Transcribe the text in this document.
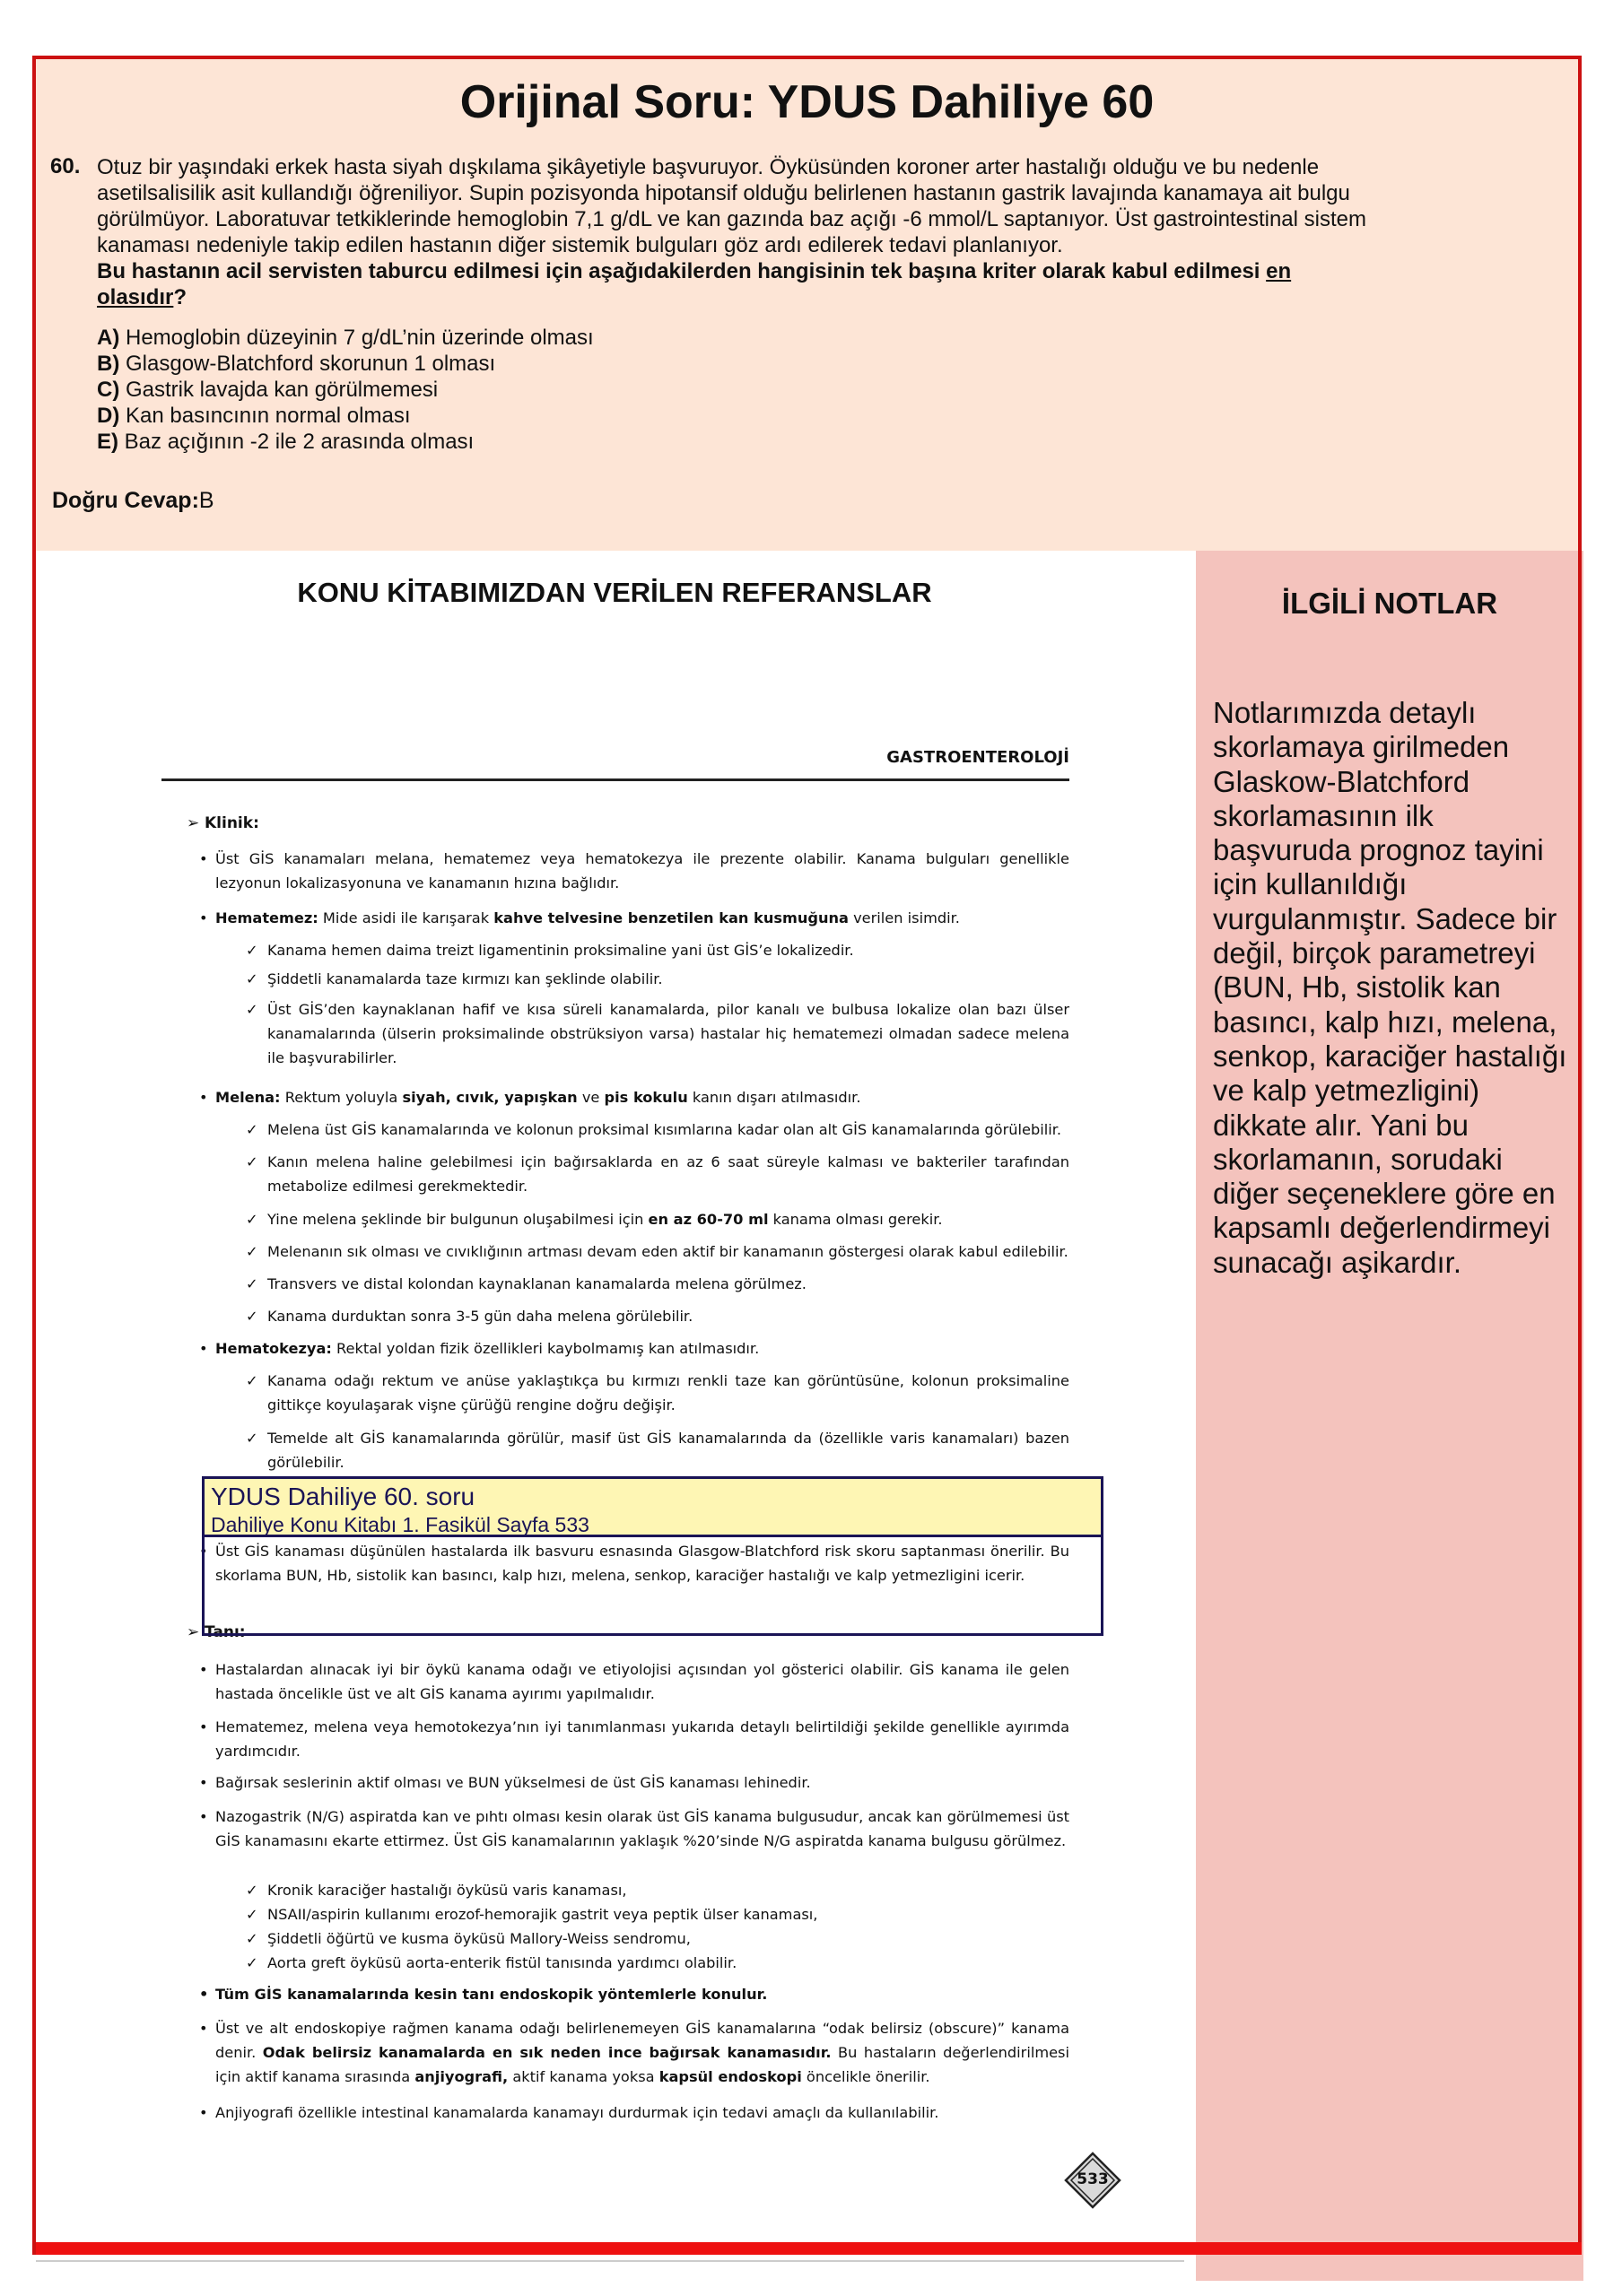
Orijinal Soru: YDUS Dahiliye 60
60. Otuz bir yaşındaki erkek hasta siyah dışkılama şikâyetiyle başvuruyor. Öyküsünden koroner arter hastalığı olduğu ve bu nedenle
asetilsalisilik asit kullandığı öğreniliyor. Supin pozisyonda hipotansif olduğu belirlenen hastanın gastrik lavajında kanamaya ait bulgu
görülmüyor. Laboratuvar tetkiklerinde hemoglobin 7,1 g/dL ve kan gazında baz açığı -6 mmol/L saptanıyor. Üst gastrointestinal sistem
kanaması nedeniyle takip edilen hastanın diğer sistemik bulguları göz ardı edilerek tedavi planlanıyor.
Bu hastanın acil servisten taburcu edilmesi için aşağıdakilerden hangisinin tek başına kriter olarak kabul edilmesi en
olasıdır?
A) Hemoglobin düzeyinin 7 g/dL’nin üzerinde olması
B) Glasgow-Blatchford skorunun 1 olması
C) Gastrik lavajda kan görülmemesi
D) Kan basıncının normal olması
E) Baz açığının -2 ile 2 arasında olması
Doğru Cevap:B
KONU KİTABIMIZDAN VERİLEN REFERANSLAR	İLGİLİ NOTLAR
Notlarımızda detaylı skorlamaya girilmeden Glaskow-Blatchford skorlamasının ilk başvuruda prognoz tayini için kullanıldığı vurgulanmıştır. Sadece bir değil, birçok parametreyi (BUN, Hb, sistolik kan basıncı, kalp hızı, melena, senkop, karaciğer hastalığı ve kalp yetmezligini) dikkate alır. Yani bu skorlamanın, sorudaki diğer seçeneklere göre en kapsamlı değerlendirmeyi sunacağı aşikardır.
GASTROENTEROLOJİ
➢ Klinik:
• Üst GİS kanamaları melana, hematemez veya hematokezya ile prezente olabilir. Kanama bulguları genellikle lezyonun lokalizasyonuna ve kanamanın hızına bağlıdır.
• Hematemez: Mide asidi ile karışarak kahve telvesine benzetilen kan kusmuğuna verilen isimdir.
✓ Kanama hemen daima treizt ligamentinin proksimaline yani üst GİS’e lokalizedir.
✓ Şiddetli kanamalarda taze kırmızı kan şeklinde olabilir.
✓ Üst GİS’den kaynaklanan hafif ve kısa süreli kanamalarda, pilor kanalı ve bulbusa lokalize olan bazı ülser kanamalarında (ülserin proksimalinde obstrüksiyon varsa) hastalar hiç hematemezi olmadan sadece melena ile başvurabilirler.
• Melena: Rektum yoluyla siyah, cıvık, yapışkan ve pis kokulu kanın dışarı atılmasıdır.
✓ Melena üst GİS kanamalarında ve kolonun proksimal kısımlarına kadar olan alt GİS kanamalarında görülebilir.
✓ Kanın melena haline gelebilmesi için bağırsaklarda en az 6 saat süreyle kalması ve bakteriler tarafından metabolize edilmesi gerekmektedir.
✓ Yine melena şeklinde bir bulgunun oluşabilmesi için en az 60-70 ml kanama olması gerekir.
✓ Melenanın sık olması ve cıvıklığının artması devam eden aktif bir kanamanın göstergesi olarak kabul edilebilir.
✓ Transvers ve distal kolondan kaynaklanan kanamalarda melena görülmez.
✓ Kanama durduktan sonra 3-5 gün daha melena görülebilir.
• Hematokezya: Rektal yoldan fizik özellikleri kaybolmamış kan atılmasıdır.
✓ Kanama odağı rektum ve anüse yaklaştıkça bu kırmızı renkli taze kan görüntüsüne, kolonun proksimaline gittikçe koyulaşarak vişne çürüğü rengine doğru değişir.
✓ Temelde alt GİS kanamalarında görülür, masif üst GİS kanamalarında da (özellikle varis kanamaları) bazen görülebilir.
• Üst GİS kanaması düşünülen hastalarda ilk basvuru esnasında Glasgow-Blatchford risk skoru saptanması önerilir. Bu skorlama BUN, Hb, sistolik kan basıncı, kalp hızı, melena, senkop, karaciğer hastalığı ve kalp yetmezligini icerir.
➢ Tanı:
• Hastalardan alınacak iyi bir öykü kanama odağı ve etiyolojisi açısından yol gösterici olabilir. GİS kanama ile gelen hastada öncelikle üst ve alt GİS kanama ayırımı yapılmalıdır.
• Hematemez, melena veya hemotokezya’nın iyi tanımlanması yukarıda detaylı belirtildiği şekilde genellikle ayırımda yardımcıdır.
• Bağırsak seslerinin aktif olması ve BUN yükselmesi de üst GİS kanaması lehinedir.
• Nazogastrik (N/G) aspiratda kan ve pıhtı olması kesin olarak üst GİS kanama bulgusudur, ancak kan görülmemesi üst GİS kanamasını ekarte ettirmez. Üst GİS kanamalarının yaklaşık %20’sinde N/G aspiratda kanama bulgusu görülmez.
✓ Kronik karaciğer hastalığı öyküsü varis kanaması,
✓ NSAII/aspirin kullanımı erozof-hemorajik gastrit veya peptik ülser kanaması,
✓ Şiddetli öğürtü ve kusma öyküsü Mallory-Weiss sendromu,
✓ Aorta greft öyküsü aorta-enterik fistül tanısında yardımcı olabilir.
• Tüm GİS kanamalarında kesin tanı endoskopik yöntemlerle konulur.
• Üst ve alt endoskopiye rağmen kanama odağı belirlenemeyen GİS kanamalarına “odak belirsiz (obscure)” kanama denir. Odak belirsiz kanamalarda en sık neden ince bağırsak kanamasıdır. Bu hastaların değerlendirilmesi için aktif kanama sırasında anjiyografi, aktif kanama yoksa kapsül endoskopi öncelikle önerilir.
• Anjiyografi özellikle intestinal kanamalarda kanamayı durdurmak için tedavi amaçlı da kullanılabilir.
YDUS Dahiliye 60. soru
Dahiliye Konu Kitabı 1. Fasikül Sayfa 533
533
